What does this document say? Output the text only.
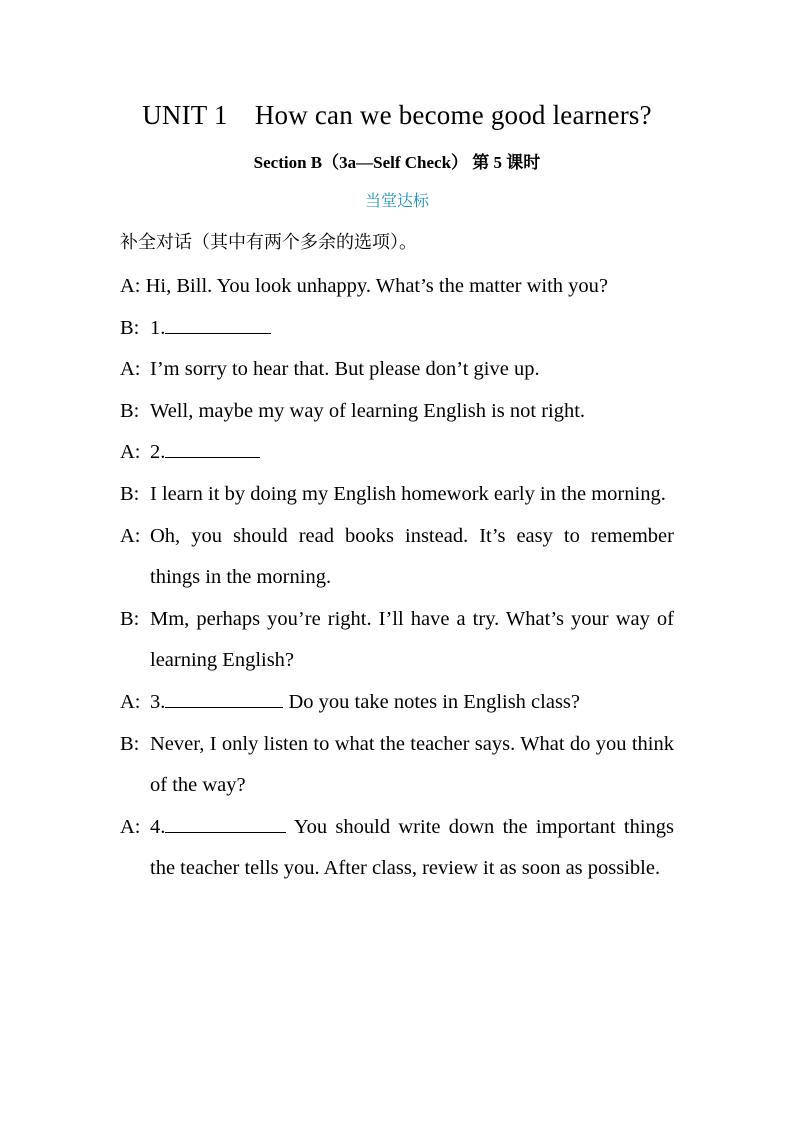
UNIT 1 How can we become good learners?
Section B（3a—Self Check） 第 5 课时
当堂达标
补全对话（其中有两个多余的选项）。
A: Hi, Bill. You look unhappy. What’s the matter with you?
B: 1.
A: I’m sorry to hear that. But please don’t give up.
B: Well, maybe my way of learning English is not right.
A: 2.
B: I learn it by doing my English homework early in the morning.
A: Oh, you should read books instead. It’s easy to remember things in the morning.
B: Mm, perhaps you’re right. I’ll have a try. What’s your way of learning English?
A: 3.	Do you take notes in English class?
B: Never, I only listen to what the teacher says. What do you think of the way?
A: 4.	You should write down the important things the teacher tells you. After class, review it as soon as possible.
